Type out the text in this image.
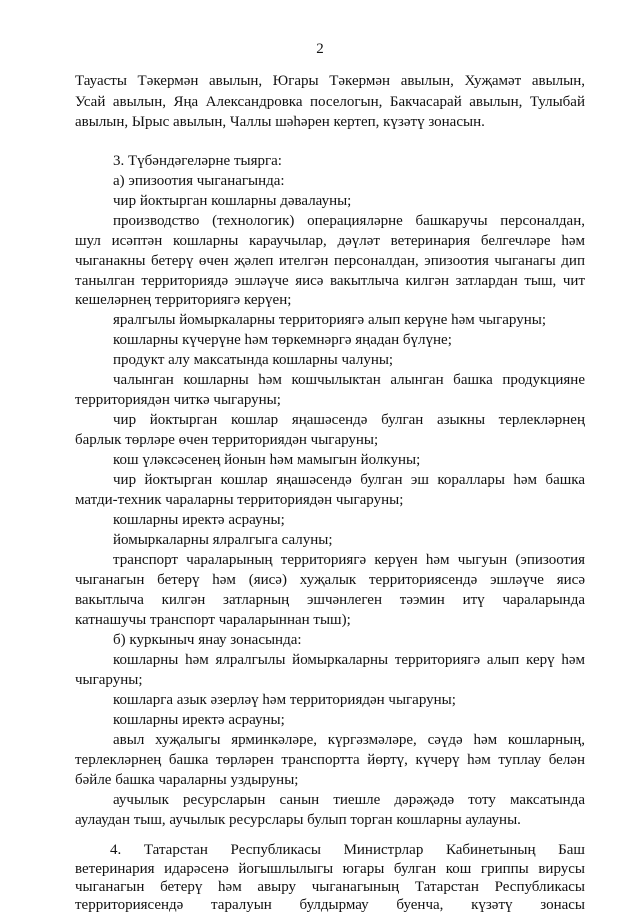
2
Тауасты Тәкермән авылын, Югары Тәкермән авылын, Хуҗамәт авылын,
Усай авылын, Яңа Александровка поселогын, Бакчасарай авылын, Тулыбай
авылын, Ырыс авылын, Чаллы шәһәрен кертеп, күзәтү зонасын.
3. Түбәндәгеләрне тыярга:
а) эпизоотия чыганагында:
чир йоктырган кошларны дәвалауны;
производство (технологик) операцияләрне башкаручы персоналдан,
шул исәптән кошларны караучылар, дәүләт ветеринария белгечләре һәм
чыганакны бетерү өчен җәлеп ителгән персоналдан, эпизоотия чыганагы дип
танылган территориядә эшләүче яисә вакытлыча килгән затлардан тыш, чит
кешеләрнең территориягә керүен;
яралгылы йомыркаларны территориягә алып керүне һәм чыгаруны;
кошларны күчерүне һәм төркемнәргә яңадан бүлүне;
продукт алу максатында кошларны чалуны;
чалынган кошларны һәм кошчылыктан алынган башка продукцияне
территориядән читкә чыгаруны;
чир йоктырган кошлар яңашәсендә булган азыкны терлекләрнең
барлык төрләре өчен территориядән чыгаруны;
кош үләксәсенең йонын һәм мамыгын йолкуны;
чир йоктырган кошлар яңашәсендә булган эш кораллары һәм башка
матди-техник чараларны территориядән чыгаруны;
кошларны иректә асрауны;
йомыркаларны ялралгыга салуны;
транспорт чараларының территориягә керүен һәм чыгуын (эпизоотия
чыганагын бетерү һәм (яисә) хуҗалык территориясендә эшләүче яисә
вакытлыча килгән затларның эшчәнлеген тәэмин итү чараларында
катнашучы транспорт чараларыннан тыш);
б) куркыныч янау зонасында:
кошларны һәм ялралгылы йомыркаларны территориягә алып керү һәм
чыгаруны;
кошларга азык әзерләү һәм территориядән чыгаруны;
кошларны иректә асрауны;
авыл хуҗалыгы ярминкәләре, күргәзмәләре, сәүдә һәм кошларның,
терлекләрнең башка төрләрен транспортта йөртү, күчерү һәм туплау белән
бәйле башка чараларны уздыруны;
аучылык ресурсларын санын тиешле дәрәҗәдә тоту максатында
аулаудан тыш, аучылык ресурслары булып торган кошларны аулауны.
4. Татарстан Республикасы Министрлар Кабинетының Баш
ветеринария идарәсенә йогышлылыгы югары булган кош гриппы вирусы
чыганагын бетерү һәм авыру чыганагының Татарстан Республикасы
территориясендә таралуын булдырмау буенча, күзәтү зонасы
